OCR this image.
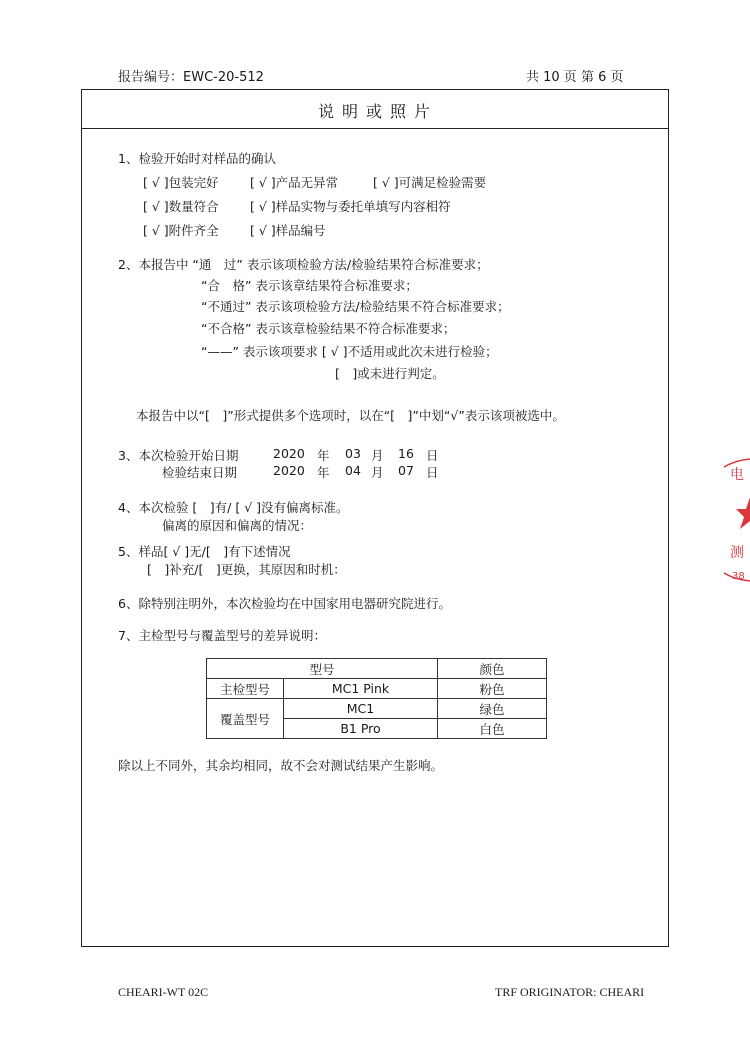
报告编号：EWC-20-512	共 10 页 第 6 页
说明或照片
1、检验开始时对样品的确认
[ √ ]包装完好	[ √ ]产品无异常	[ √ ]可满足检验需要
[ √ ]数量符合	[ √ ]样品实物与委托单填写内容相符
[ √ ]附件齐全	[ √ ]样品编号
2、本报告中 “通　过” 表示该项检验方法/检验结果符合标准要求；
“合　格” 表示该章结果符合标准要求；
“不通过” 表示该项检验方法/检验结果不符合标准要求；
“不合格” 表示该章检验结果不符合标准要求；
“——” 表示该项要求 [ √ ]不适用或此次未进行检验；
[　]或未进行判定。
本报告中以“[　]”形式提供多个选项时，以在“[　]”中划“√”表示该项被选中。
3、本次检验开始日期	2020 年 03 月 16 日
检验结束日期	2020 年 04 月 07 日
4、本次检验 [　]有/ [ √ ]没有偏离标准。
偏离的原因和偏离的情况：
5、样品[ √ ]无/[　]有下述情况
[　]补充/[　]更换，其原因和时机：
6、除特别注明外，本次检验均在中国家用电器研究院进行。
7、主检型号与覆盖型号的差异说明：
型号		颜色
主检型号	MC1 Pink	粉色
覆盖型号	MC1	绿色
	B1 Pro	白色
除以上不同外，其余均相同，故不会对测试结果产生影响。
CHEARI-WT 02C	TRF ORIGINATOR: CHEARI
电
测
38
